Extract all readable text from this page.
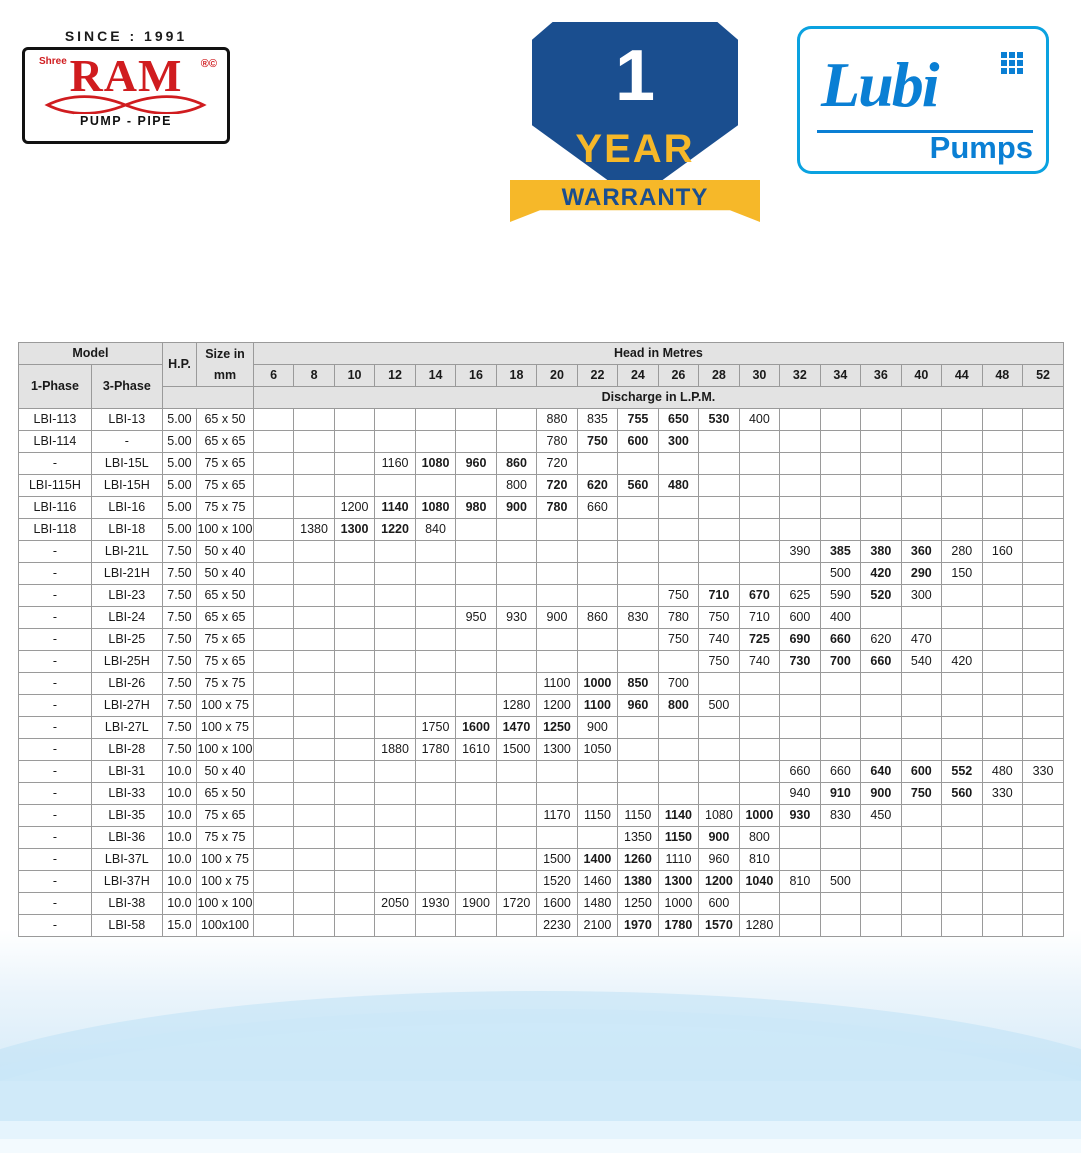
SINCE : 1991
Shree	®©
RAM
PUMP - PIPE
1
YEAR
WARRANTY
Lubi
Pumps
Model		H.P.	Size in mm	Head in Metres																			
1-Phase	3-Phase			6	8	10	12	14	16	18	20	22	24	26	28	30	32	34	36	40	44	48	52
				Discharge in L.P.M.																			
LBI-113	LBI-13	5.00	65 x 50								880	835	755	650	530	400							
LBI-114	-	5.00	65 x 65								780	750	600	300									
-	LBI-15L	5.00	75 x 65				1160	1080	960	860	720												
LBI-115H	LBI-15H	5.00	75 x 65							800	720	620	560	480									
LBI-116	LBI-16	5.00	75 x 75			1200	1140	1080	980	900	780	660											
LBI-118	LBI-18	5.00	100 x 100		1380	1300	1220	840															
-	LBI-21L	7.50	50 x 40														390	385	380	360	280	160	
-	LBI-21H	7.50	50 x 40															500	420	290	150		
-	LBI-23	7.50	65 x 50											750	710	670	625	590	520	300			
-	LBI-24	7.50	65 x 65						950	930	900	860	830	780	750	710	600	400					
-	LBI-25	7.50	75 x 65											750	740	725	690	660	620	470			
-	LBI-25H	7.50	75 x 65												750	740	730	700	660	540	420		
-	LBI-26	7.50	75 x 75								1100	1000	850	700									
-	LBI-27H	7.50	100 x 75							1280	1200	1100	960	800	500								
-	LBI-27L	7.50	100 x 75					1750	1600	1470	1250	900											
-	LBI-28	7.50	100 x 100				1880	1780	1610	1500	1300	1050											
-	LBI-31	10.0	50 x 40														660	660	640	600	552	480	330
-	LBI-33	10.0	65 x 50														940	910	900	750	560	330	
-	LBI-35	10.0	75 x 65								1170	1150	1150	1140	1080	1000	930	830	450				
-	LBI-36	10.0	75 x 75										1350	1150	900	800							
-	LBI-37L	10.0	100 x 75								1500	1400	1260	1110	960	810							
-	LBI-37H	10.0	100 x 75								1520	1460	1380	1300	1200	1040	810	500					
-	LBI-38	10.0	100 x 100				2050	1930	1900	1720	1600	1480	1250	1000	600								
-	LBI-58	15.0	100x100								2230	2100	1970	1780	1570	1280							
